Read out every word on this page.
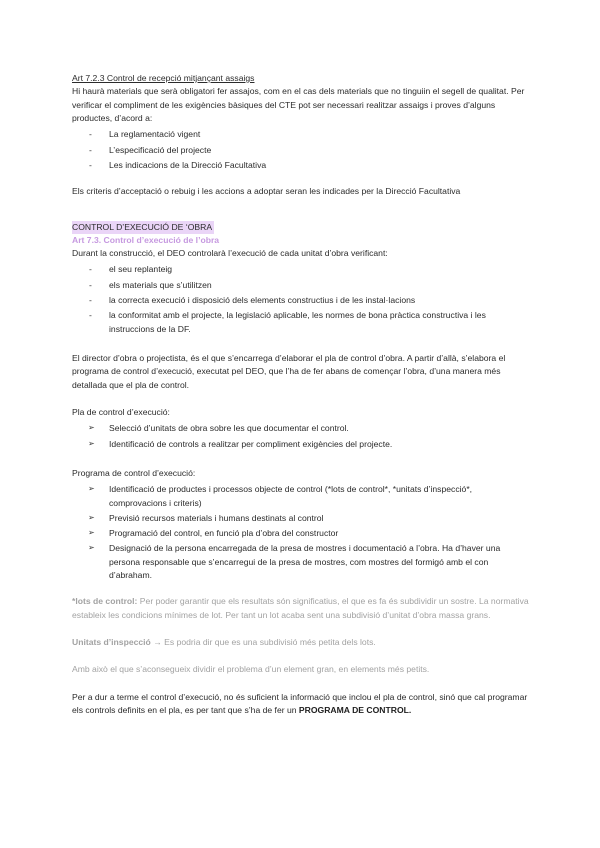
Art 7.2.3 Control de recepció mitjançant assaigs

Hi haurà materials que serà obligatori fer assajos, com en el cas dels materials que no tinguiin el segell de qualitat. Per verificar el compliment de les exigències bàsiques del CTE pot ser necessari realitzar assaigs i proves d’alguns productes, d’acord a:

- La reglamentació vigent
- L’especificació del projecte
- Les indicacions de la Direcció Facultativa

Els criteris d’acceptació o rebuig i les accions a adoptar seran les indicades per la Direcció Facultativa

CONTROL D’EXECUCIÓ DE ‘OBRA

Art 7.3. Control d’execució de l’obra

Durant la construcció, el DEO controlarà l’execució de cada unitat d’obra verificant:

- el seu replanteig
- els materials que s’utilitzen
- la correcta execució i disposició dels elements constructius i de les instal·lacions
- la conformitat amb el projecte, la legislació aplicable, les normes de bona pràctica constructiva i les instruccions de la DF.

El director d’obra o projectista, és el que s’encarrega d’elaborar el pla de control d’obra. A partir d’allà, s’elabora el programa de control d’execució, executat pel DEO, que l’ha de fer abans de començar l’obra, d’una manera més detallada que el pla de control.

Pla de control d’execució:

➢ Selecció d’unitats de obra sobre les que documentar el control.
➢ Identificació de controls a realitzar per compliment exigències del projecte.

Programa de control d’execució:

➢ Identificació de productes i processos objecte de control (*lots de control*, *unitats d’inspecció*, comprovacions i criteris)
➢ Previsió recursos materials i humans destinats al control
➢ Programació del control, en funció pla d’obra del constructor
➢ Designació de la persona encarregada de la presa de mostres i documentació a l’obra. Ha d’haver una persona responsable que s’encarregui de la presa de mostres, com mostres del formigó amb el con d’abraham.

*lots de control: Per poder garantir que els resultats són significatius, el que es fa és subdividir un sostre. La normativa estableix les condicions mínimes de lot. Per tant un lot acaba sent una subdivisió d’unitat d’obra massa grans.

Unitats d’inspecció → Es podria dir que es una subdivisió més petita dels lots.

Amb això el que s’aconsegueix dividir el problema d’un element gran, en elements més petits.

Per a dur a terme el control d’execució, no és suficient la informació que inclou el pla de control, sinó que cal programar els controls definits en el pla, es per tant que s’ha de fer un PROGRAMA DE CONTROL.
